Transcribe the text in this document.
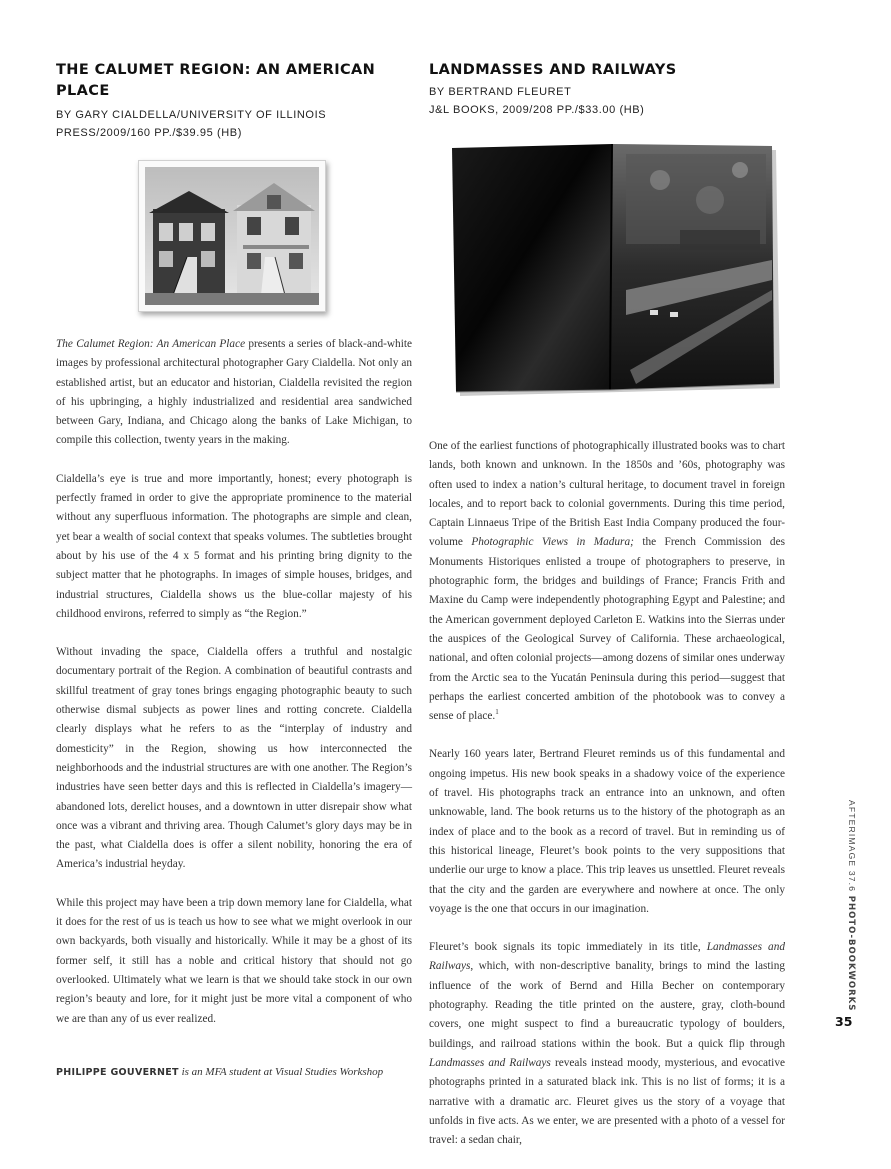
THE CALUMET REGION: AN AMERICAN PLACE

BY GARY CIALDELLA/UNIVERSITY OF ILLINOIS

PRESS/2009/160 PP./$39.95 (HB)

The Calumet Region: An American Place presents a series of black-and-white images by professional architectural photographer Gary Cialdella. Not only an established artist, but an educator and historian, Cialdella revisited the region of his upbringing, a highly industrialized and residential area sandwiched between Gary, Indiana, and Chicago along the banks of Lake Michigan, to compile this collection, twenty years in the making.

Cialdella’s eye is true and more importantly, honest; every photograph is perfectly framed in order to give the appropriate prominence to the material without any superfluous information. The photographs are simple and clean, yet bear a wealth of social context that speaks volumes. The subtleties brought about by his use of the 4 x 5 format and his printing bring dignity to the subject matter that he photographs. In images of simple houses, bridges, and industrial structures, Cialdella shows us the blue-collar majesty of his childhood environs, referred to simply as “the Region.”

Without invading the space, Cialdella offers a truthful and nostalgic documentary portrait of the Region. A combination of beautiful contrasts and skillful treatment of gray tones brings engaging photographic beauty to such otherwise dismal subjects as power lines and rotting concrete. Cialdella clearly displays what he refers to as the “interplay of industry and domesticity” in the Region, showing us how interconnected the neighborhoods and the industrial structures are with one another. The Region’s industries have seen better days and this is reflected in Cialdella’s imagery—abandoned lots, derelict houses, and a downtown in utter disrepair show what once was a vibrant and thriving area. Though Calumet’s glory days may be in the past, what Cialdella does is offer a silent nobility, honoring the era of America’s industrial heyday.

While this project may have been a trip down memory lane for Cialdella, what it does for the rest of us is teach us how to see what we might overlook in our own backyards, both visually and historically. While it may be a ghost of its former self, it still has a noble and critical history that should not go overlooked. Ultimately what we learn is that we should take stock in our own region’s beauty and lore, for it might just be more vital a component of who we are than any of us ever realized.

PHILIPPE GOUVERNET is an MFA student at Visual Studies Workshop
LANDMASSES AND RAILWAYS

BY BERTRAND FLEURET

J&L BOOKS, 2009/208 PP./$33.00 (HB)

One of the earliest functions of photographically illustrated books was to chart lands, both known and unknown. In the 1850s and ’60s, photography was often used to index a nation’s cultural heritage, to document travel in foreign locales, and to report back to colonial governments. During this time period, Captain Linnaeus Tripe of the British East India Company produced the four-volume Photographic Views in Madura; the French Commission des Monuments Historiques enlisted a troupe of photographers to preserve, in photographic form, the bridges and buildings of France; Francis Frith and Maxine du Camp were independently photographing Egypt and Palestine; and the American government deployed Carleton E. Watkins into the Sierras under the auspices of the Geological Survey of California. These archaeological, national, and often colonial projects—among dozens of similar ones underway from the Arctic sea to the Yucatán Peninsula during this period—suggest that perhaps the earliest concerted ambition of the photobook was to convey a sense of place.$^1$

Nearly 160 years later, Bertrand Fleuret reminds us of this fundamental and ongoing impetus. His new book speaks in a shadowy voice of the experience of travel. His photographs track an entrance into an unknown, and often unknowable, land. The book returns us to the history of the photograph as an index of place and to the book as a record of travel. But in reminding us of this historical lineage, Fleuret’s book points to the very suppositions that underlie our urge to know a place. This trip leaves us unsettled. Fleuret reveals that the city and the garden are everywhere and nowhere at once. The only voyage is the one that occurs in our imagination.

Fleuret’s book signals its topic immediately in its title, Landmasses and Railways, which, with non-descriptive banality, brings to mind the lasting influence of the work of Bernd and Hilla Becher on contemporary photography. Reading the title printed on the austere, gray, cloth-bound covers, one might suspect to find a bureaucratic typology of boulders, buildings, and railroad stations within the book. But a quick flip through Landmasses and Railways reveals instead moody, mysterious, and evocative photographs printed in a saturated black ink. This is no list of forms; it is a narrative with a dramatic arc. Fleuret gives us the story of a voyage that unfolds in five acts. As we enter, we are presented with a photo of a vessel for travel: a sedan chair,

AFTERIMAGE 37.6 PHOTO-BOOKWORKS
35
